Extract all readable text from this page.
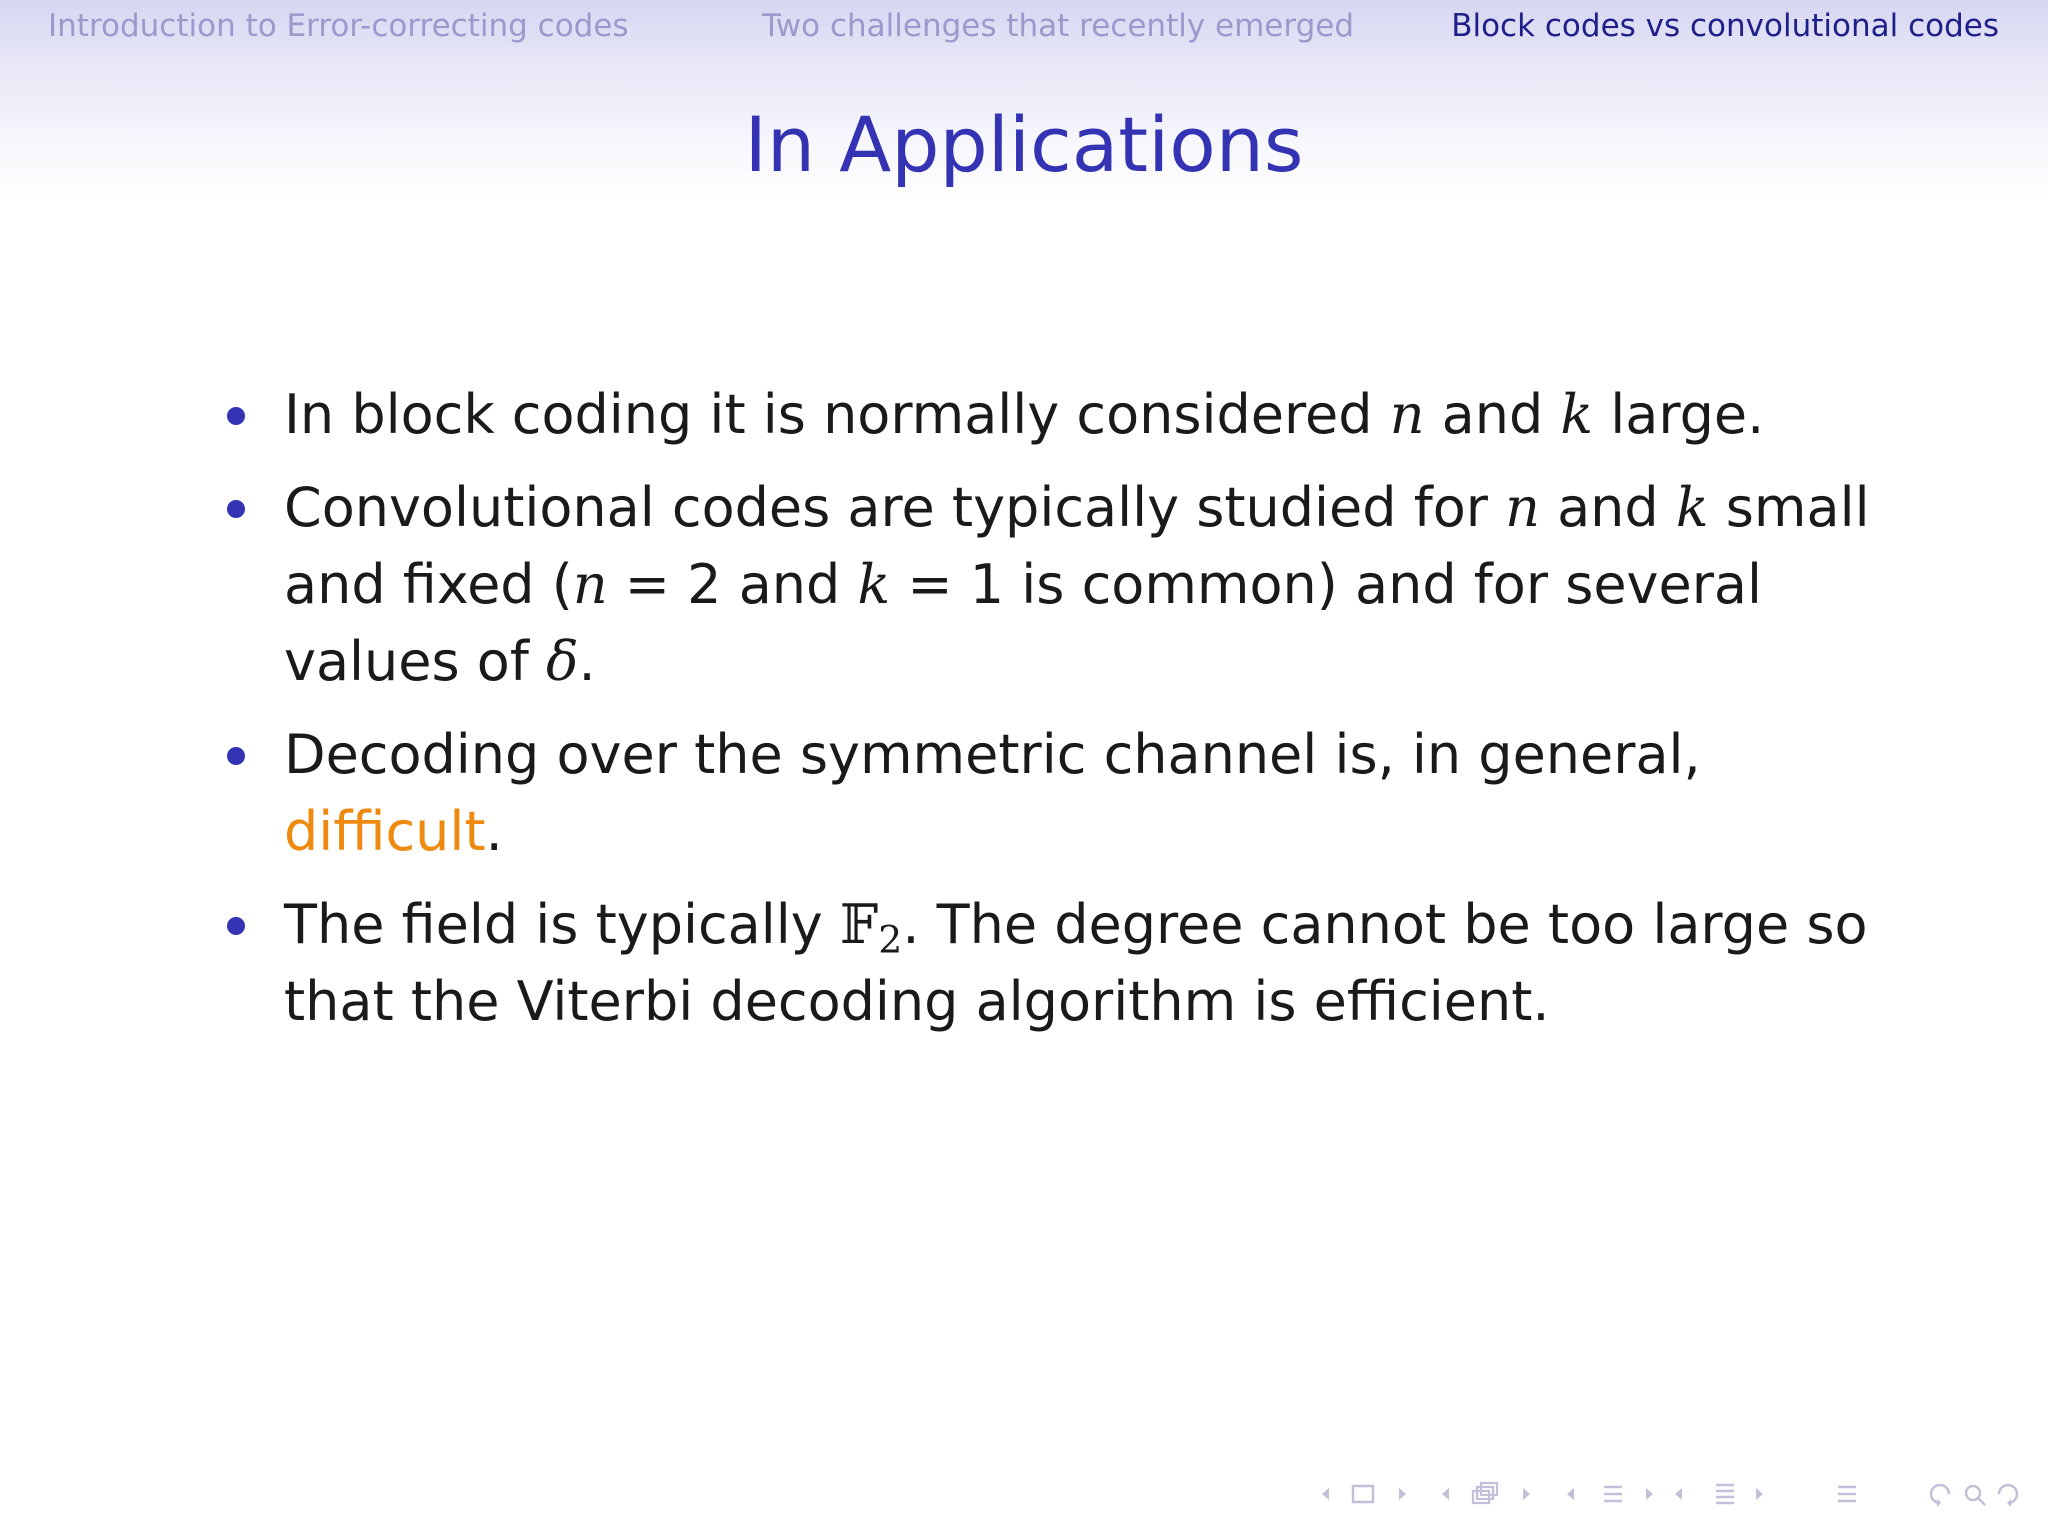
Introduction to Error-correcting codes	Two challenges that recently emerged	Block codes vs convolutional codes
In Applications
In block coding it is normally considered n and k large.
Convolutional codes are typically studied for n and k small and fixed (n = 2 and k = 1 is common) and for several values of δ.
Decoding over the symmetric channel is, in general, difficult.
The field is typically 𝔽$_2$. The degree cannot be too large so that the Viterbi decoding algorithm is efficient.
